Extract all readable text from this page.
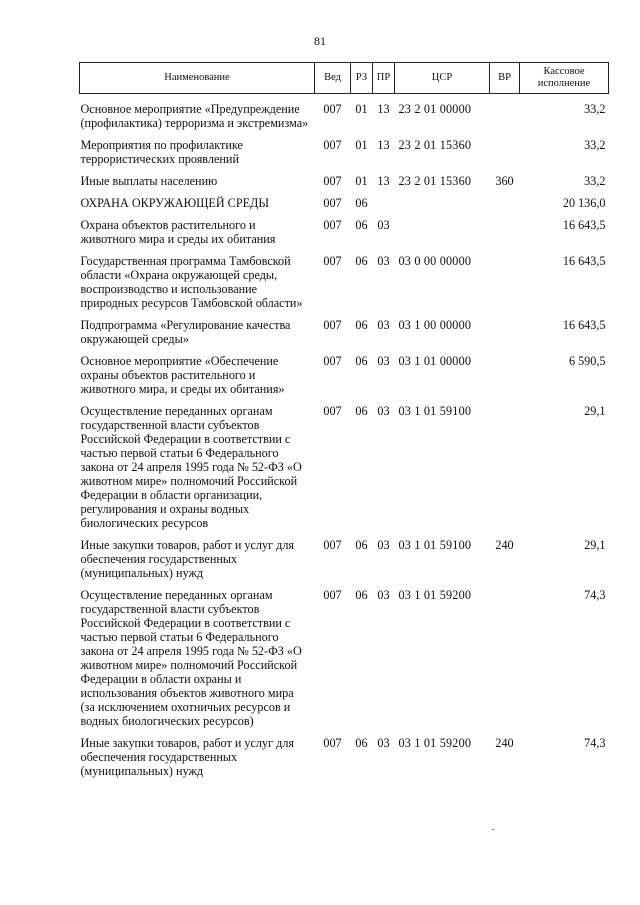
81
Наименование	Вед	РЗ	ПР	ЦСР	ВР	Кассовое исполнение
Основное мероприятие «Предупреждение (профилактика) терроризма и экстремизма»	007	01	13	23 2 01 00000		33,2
Мероприятия по профилактике террористических проявлений	007	01	13	23 2 01 15360		33,2
Иные выплаты населению	007	01	13	23 2 01 15360	360	33,2
ОХРАНА ОКРУЖАЮЩЕЙ СРЕДЫ	007	06				20 136,0
Охрана объектов растительного и животного мира и среды их обитания	007	06	03			16 643,5
Государственная программа Тамбовской области «Охрана окружающей среды, воспроизводство и использование природных ресурсов Тамбовской области»	007	06	03	03 0 00 00000		16 643,5
Подпрограмма «Регулирование качества окружающей среды»	007	06	03	03 1 00 00000		16 643,5
Основное мероприятие «Обеспечение охраны объектов растительного и животного мира, и среды их обитания»	007	06	03	03 1 01 00000		6 590,5
Осуществление переданных органам государственной власти субъектов Российской Федерации в соответствии с частью первой статьи 6 Федерального закона от 24 апреля 1995 года № 52-ФЗ «О животном мире» полномочий Российской Федерации в области организации, регулирования и охраны водных биологических ресурсов	007	06	03	03 1 01 59100		29,1
Иные закупки товаров, работ и услуг для обеспечения государственных (муниципальных) нужд	007	06	03	03 1 01 59100	240	29,1
Осуществление переданных органам государственной власти субъектов Российской Федерации в соответствии с частью первой статьи 6 Федерального закона от 24 апреля 1995 года № 52-ФЗ «О животном мире» полномочий Российской Федерации в области охраны и использования объектов животного мира (за исключением охотничьих ресурсов и водных биологических ресурсов)	007	06	03	03 1 01 59200		74,3
Иные закупки товаров, работ и услуг для обеспечения государственных (муниципальных) нужд	007	06	03	03 1 01 59200	240	74,3
